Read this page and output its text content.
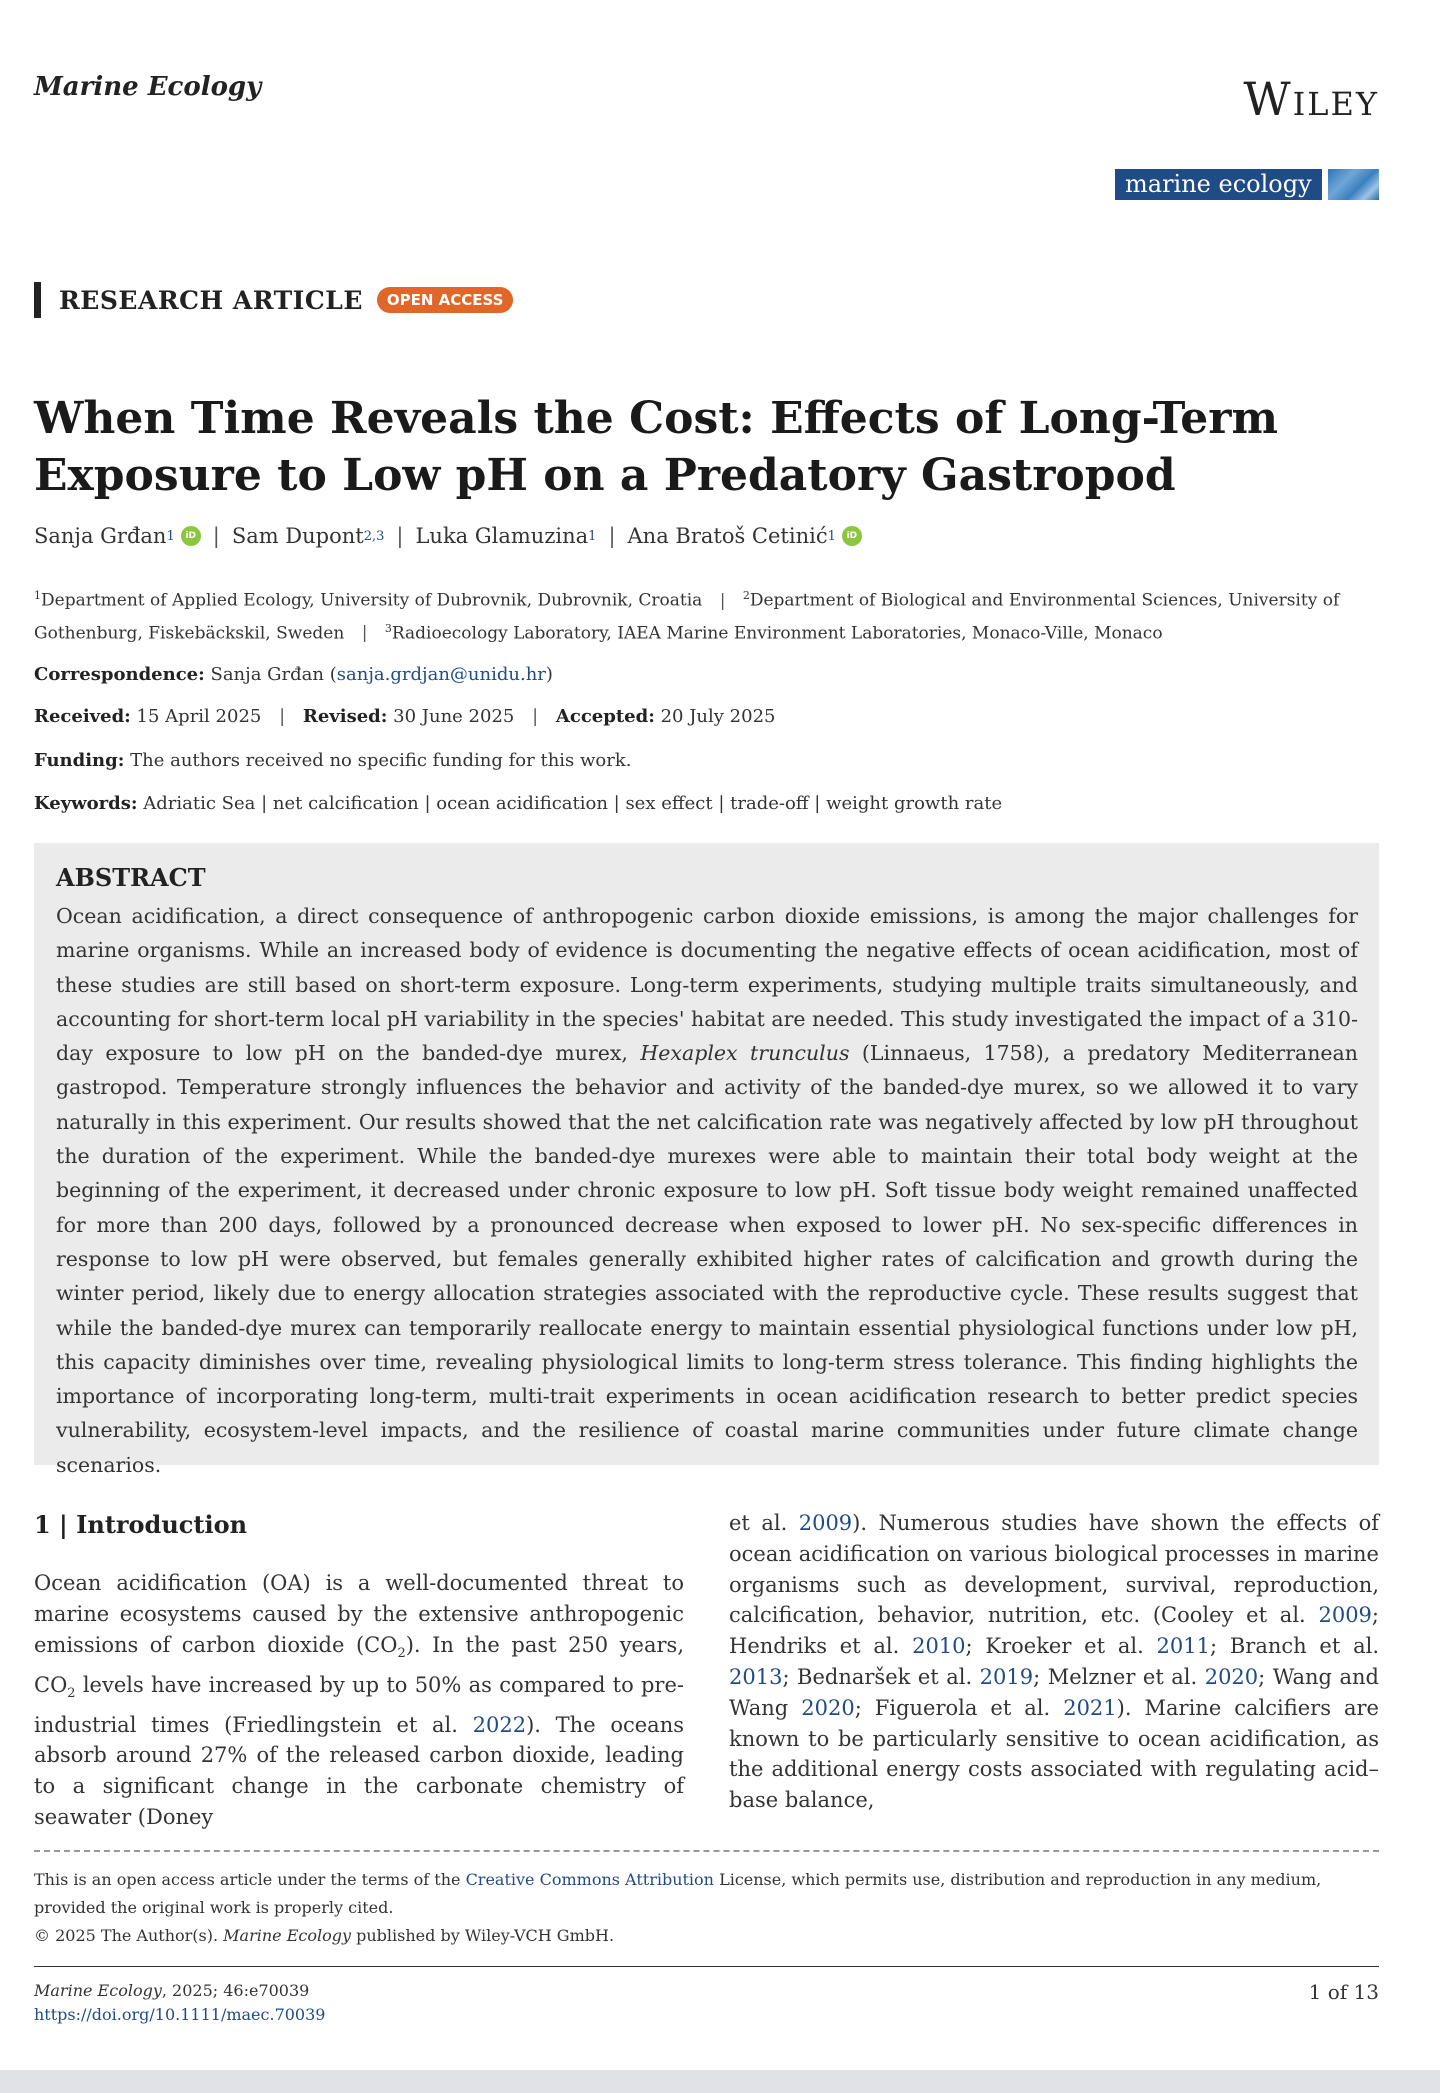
Marine Ecology	Wiley
marine ecology
RESEARCH ARTICLE	OPEN ACCESS
When Time Reveals the Cost: Effects of Long-Term Exposure to Low pH on a Predatory Gastropod
Sanja Grđan 1	iD | Sam Dupont 2,3 | Luka Glamuzina 1 | Ana Bratoš Cetinić 1	iD
$^1$Department of Applied Ecology, University of Dubrovnik, Dubrovnik, Croatia | $^2$Department of Biological and Environmental Sciences, University of Gothenburg, Fiskebäckskil, Sweden | $^3$Radioecology Laboratory, IAEA Marine Environment Laboratories, Monaco-Ville, Monaco
Correspondence: Sanja Grđan (sanja.grdjan@unidu.hr)
Received: 15 April 2025 | Revised: 30 June 2025 | Accepted: 20 July 2025
Funding: The authors received no specific funding for this work.
Keywords: Adriatic Sea | net calcification | ocean acidification | sex effect | trade-off | weight growth rate
ABSTRACT

Ocean acidification, a direct consequence of anthropogenic carbon dioxide emissions, is among the major challenges for marine organisms. While an increased body of evidence is documenting the negative effects of ocean acidification, most of these studies are still based on short-term exposure. Long-term experiments, studying multiple traits simultaneously, and accounting for short-term local pH variability in the species' habitat are needed. This study investigated the impact of a 310-day exposure to low pH on the banded-dye murex, Hexaplex trunculus (Linnaeus, 1758), a predatory Mediterranean gastropod. Temperature strongly influences the behavior and activity of the banded-dye murex, so we allowed it to vary naturally in this experiment. Our results showed that the net calcification rate was negatively affected by low pH throughout the duration of the experiment. While the banded-dye murexes were able to maintain their total body weight at the beginning of the experiment, it decreased under chronic exposure to low pH. Soft tissue body weight remained unaffected for more than 200 days, followed by a pronounced decrease when exposed to lower pH. No sex-specific differences in response to low pH were observed, but females generally exhibited higher rates of calcification and growth during the winter period, likely due to energy allocation strategies associated with the reproductive cycle. These results suggest that while the banded-dye murex can temporarily reallocate energy to maintain essential physiological functions under low pH, this capacity diminishes over time, revealing physiological limits to long-term stress tolerance. This finding highlights the importance of incorporating long-term, multi-trait experiments in ocean acidification research to better predict species vulnerability, ecosystem-level impacts, and the resilience of coastal marine communities under future climate change scenarios.

1 | Introduction

Ocean acidification (OA) is a well-documented threat to marine ecosystems caused by the extensive anthropogenic emissions of carbon dioxide $(CO_2)$. In the past 250 years, $CO_2$ levels have increased by up to 50% as compared to pre-industrial times (Friedlingstein et al. 2022). The oceans absorb around 27% of the released carbon dioxide, leading to a significant change in the carbonate chemistry of seawater (Doney

et al. 2009). Numerous studies have shown the effects of ocean acidification on various biological processes in marine organisms such as development, survival, reproduction, calcification, behavior, nutrition, etc. (Cooley et al. 2009; Hendriks et al. 2010; Kroeker et al. 2011; Branch et al. 2013; Bednaršek et al. 2019; Melzner et al. 2020; Wang and Wang 2020; Figuerola et al. 2021). Marine calcifiers are known to be particularly sensitive to ocean acidification, as the additional energy costs associated with regulating acid–base balance,

This is an open access article under the terms of the Creative Commons Attribution License, which permits use, distribution and reproduction in any medium, provided the original work is properly cited.

© 2025 The Author(s). Marine Ecology published by Wiley-VCH GmbH.
Marine Ecology, 2025; 46:e70039
https://doi.org/10.1111/maec.70039
1 of 13
